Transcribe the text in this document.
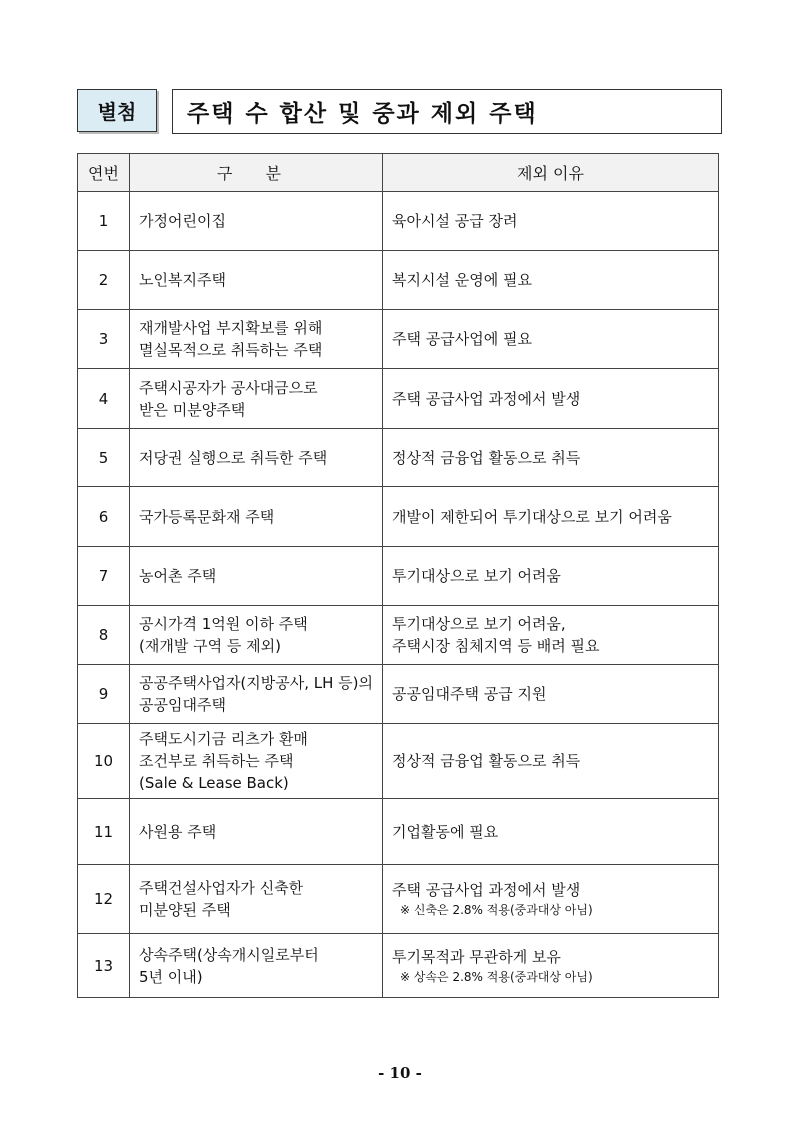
별첨	주택 수 합산 및 중과 제외 주택
연번	구 분	제외 이유
1	가정어린이집	육아시설 공급 장려

2	노인복지주택	복지시설 운영에 필요

3	재개발사업 부지확보를 위해
멸실목적으로 취득하는 주택	주택 공급사업에 필요

4	주택시공자가 공사대금으로
받은 미분양주택	주택 공급사업 과정에서 발생

5	저당권 실행으로 취득한 주택	정상적 금융업 활동으로 취득

6	국가등록문화재 주택	개발이 제한되어 투기대상으로 보기 어려움

7	농어촌 주택	투기대상으로 보기 어려움

8	공시가격 1억원 이하 주택
(재개발 구역 등 제외)	투기대상으로 보기 어려움,
주택시장 침체지역 등 배려 필요

9	공공주택사업자(지방공사, LH 등)의
공공임대주택	공공임대주택 공급 지원

10	주택도시기금 리츠가 환매
조건부로 취득하는 주택
(Sale & Lease Back)	정상적 금융업 활동으로 취득

11	사원용 주택	기업활동에 필요

12	주택건설사업자가 신축한
미분양된 주택	주택 공급사업 과정에서 발생
※ 신축은 2.8% 적용(중과대상 아님)

13	상속주택(상속개시일로부터
5년 이내)	투기목적과 무관하게 보유
※ 상속은 2.8% 적용(중과대상 아님)
- 10 -
